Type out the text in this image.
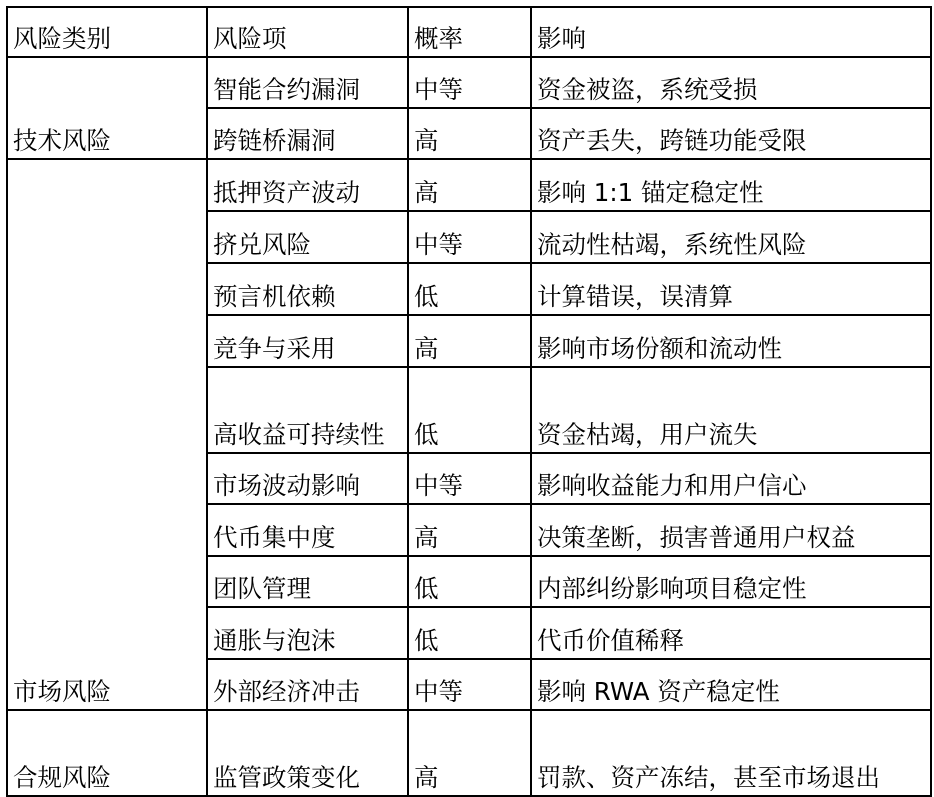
风险类别	风险项	概率	影响
技术风险	智能合约漏洞	中等	资金被盗，系统受损
	跨链桥漏洞	高	资产丢失，跨链功能受限
市场风险	抵押资产波动	高	影响 1:1 锚定稳定性
	挤兑风险	中等	流动性枯竭，系统性风险
	预言机依赖	低	计算错误，误清算
	竞争与采用	高	影响市场份额和流动性
	高收益可持续性	低	资金枯竭，用户流失
	市场波动影响	中等	影响收益能力和用户信心
	代币集中度	高	决策垄断，损害普通用户权益
	团队管理	低	内部纠纷影响项目稳定性
	通胀与泡沫	低	代币价值稀释
	外部经济冲击	中等	影响 RWA 资产稳定性
合规风险	监管政策变化	高	罚款、资产冻结，甚至市场退出
